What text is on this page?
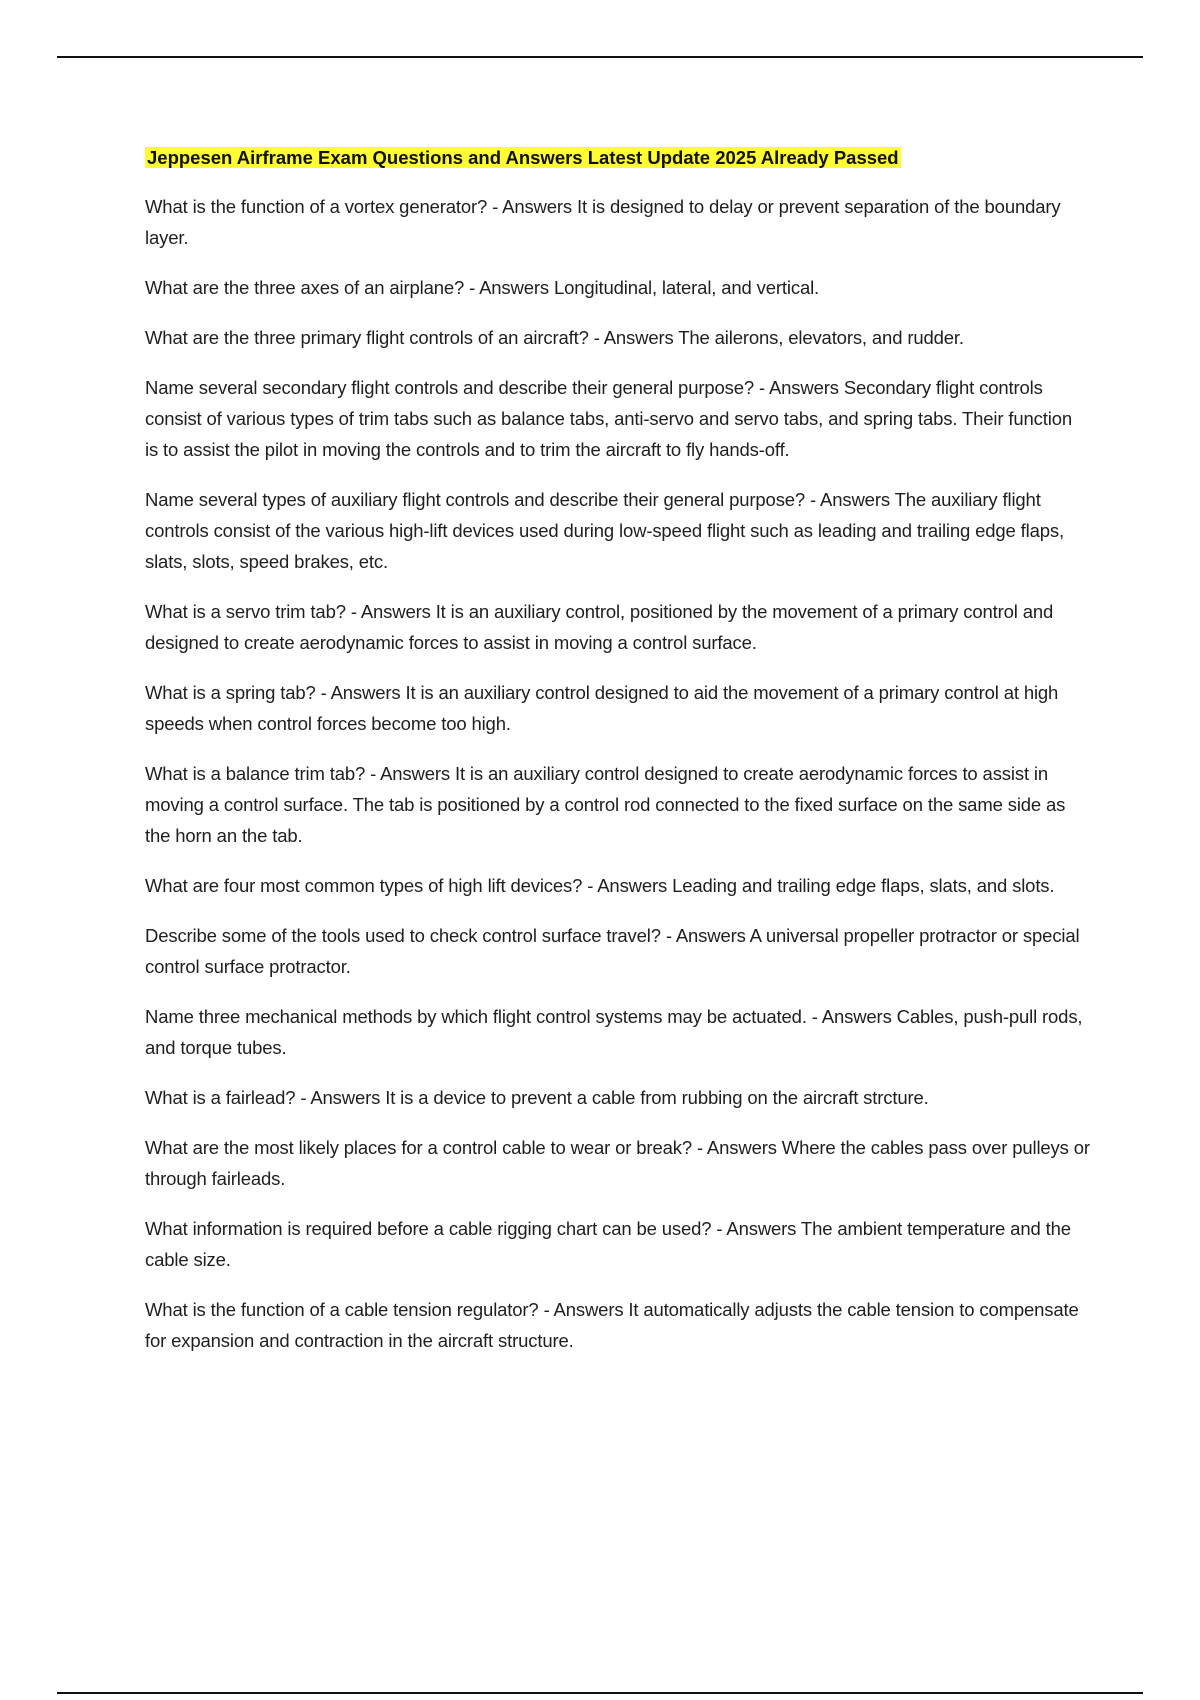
Jeppesen Airframe Exam Questions and Answers Latest Update 2025 Already Passed

What is the function of a vortex generator? - Answers It is designed to delay or prevent separation of the boundary layer.

What are the three axes of an airplane? - Answers Longitudinal, lateral, and vertical.

What are the three primary flight controls of an aircraft? - Answers The ailerons, elevators, and rudder.

Name several secondary flight controls and describe their general purpose? - Answers Secondary flight controls consist of various types of trim tabs such as balance tabs, anti-servo and servo tabs, and spring tabs. Their function is to assist the pilot in moving the controls and to trim the aircraft to fly hands-off.

Name several types of auxiliary flight controls and describe their general purpose? - Answers The auxiliary flight controls consist of the various high-lift devices used during low-speed flight such as leading and trailing edge flaps, slats, slots, speed brakes, etc.

What is a servo trim tab? - Answers It is an auxiliary control, positioned by the movement of a primary control and designed to create aerodynamic forces to assist in moving a control surface.

What is a spring tab? - Answers It is an auxiliary control designed to aid the movement of a primary control at high speeds when control forces become too high.

What is a balance trim tab? - Answers It is an auxiliary control designed to create aerodynamic forces to assist in moving a control surface. The tab is positioned by a control rod connected to the fixed surface on the same side as the horn an the tab.

What are four most common types of high lift devices? - Answers Leading and trailing edge flaps, slats, and slots.

Describe some of the tools used to check control surface travel? - Answers A universal propeller protractor or special control surface protractor.

Name three mechanical methods by which flight control systems may be actuated. - Answers Cables, push-pull rods, and torque tubes.

What is a fairlead? - Answers It is a device to prevent a cable from rubbing on the aircraft strcture.

What are the most likely places for a control cable to wear or break? - Answers Where the cables pass over pulleys or through fairleads.

What information is required before a cable rigging chart can be used? - Answers The ambient temperature and the cable size.

What is the function of a cable tension regulator? - Answers It automatically adjusts the cable tension to compensate for expansion and contraction in the aircraft structure.
